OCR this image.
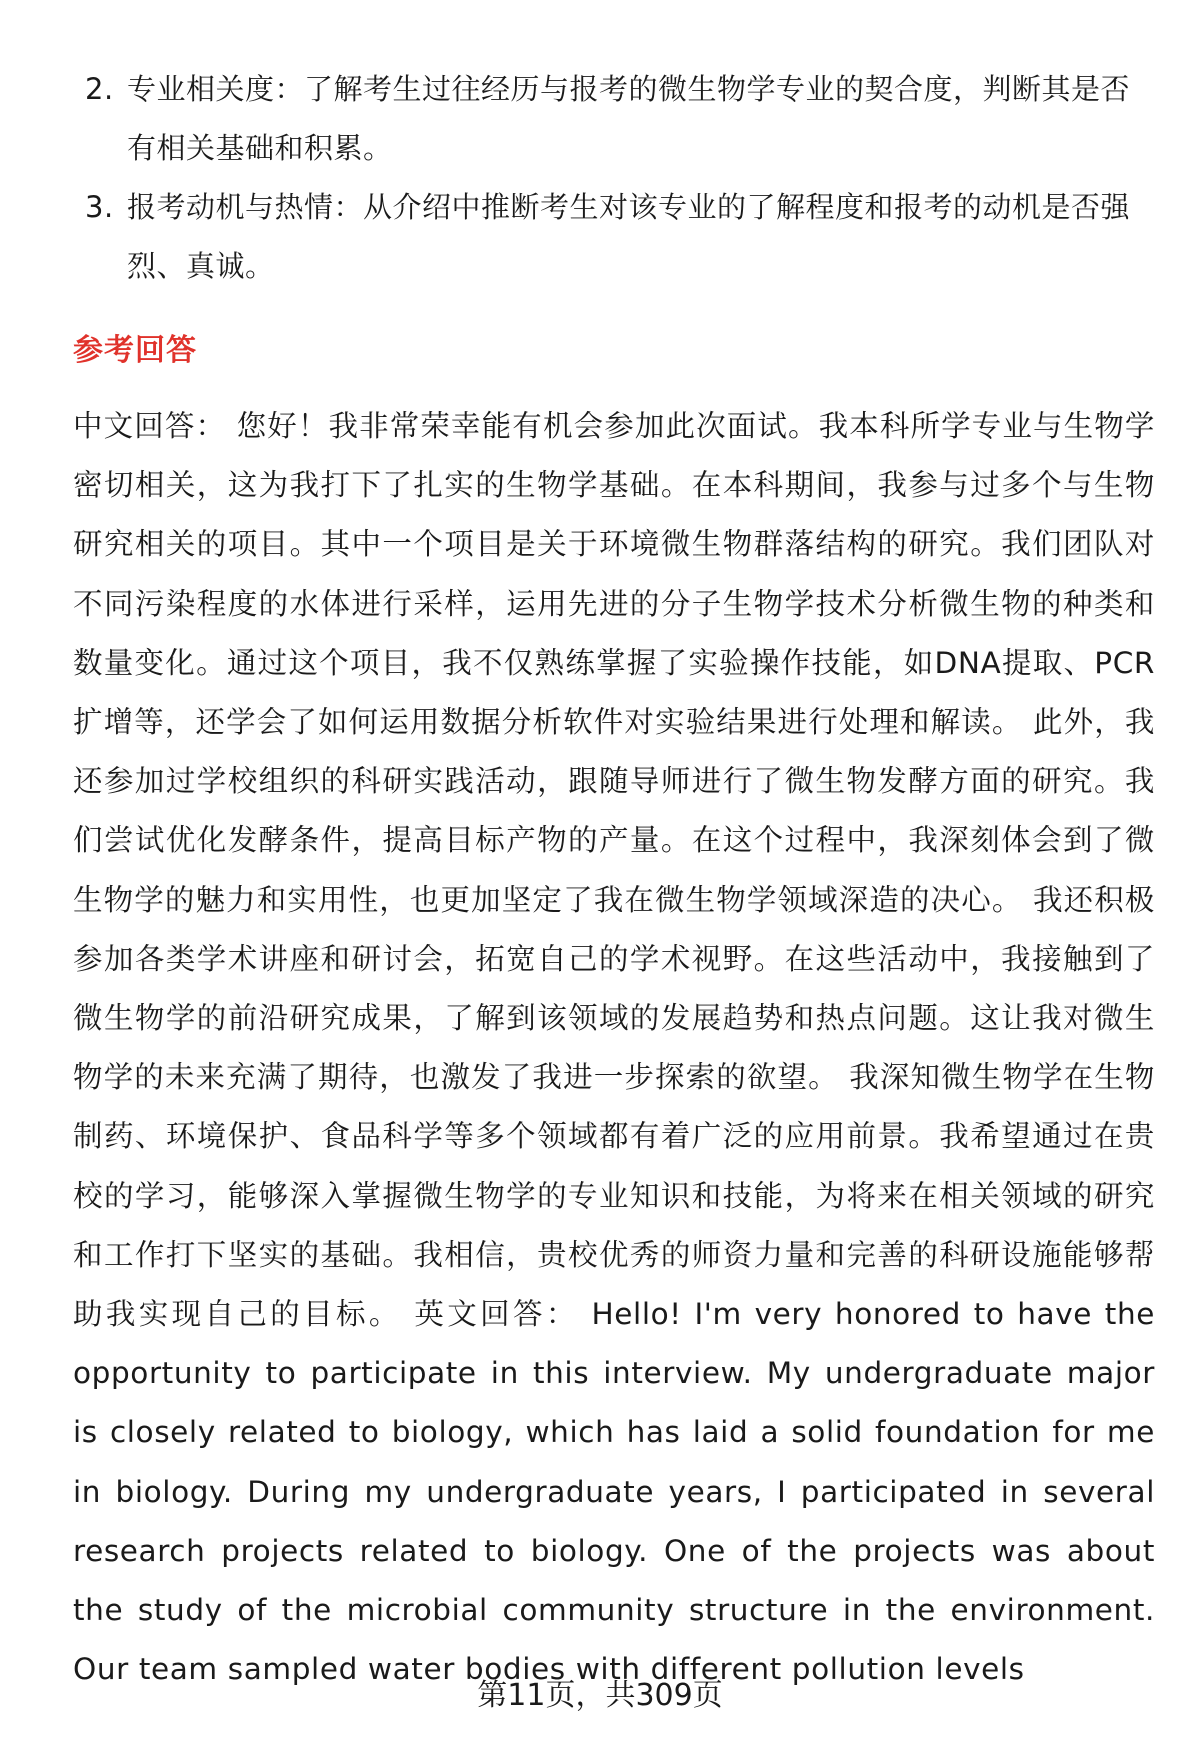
2. 专业相关度：了解考生过往经历与报考的微生物学专业的契合度，判断其是否有相关基础和积累。
3. 报考动机与热情：从介绍中推断考生对该专业的了解程度和报考的动机是否强烈、真诚。
参考回答

中文回答： 您好！我非常荣幸能有机会参加此次面试。我本科所学专业与生物学密切相关，这为我打下了扎实的生物学基础。在本科期间，我参与过多个与生物研究相关的项目。其中一个项目是关于环境微生物群落结构的研究。我们团队对不同污染程度的水体进行采样，运用先进的分子生物学技术分析微生物的种类和数量变化。通过这个项目，我不仅熟练掌握了实验操作技能，如DNA提取、PCR扩增等，还学会了如何运用数据分析软件对实验结果进行处理和解读。 此外，我还参加过学校组织的科研实践活动，跟随导师进行了微生物发酵方面的研究。我们尝试优化发酵条件，提高目标产物的产量。在这个过程中，我深刻体会到了微生物学的魅力和实用性，也更加坚定了我在微生物学领域深造的决心。 我还积极参加各类学术讲座和研讨会，拓宽自己的学术视野。在这些活动中，我接触到了微生物学的前沿研究成果，了解到该领域的发展趋势和热点问题。这让我对微生物学的未来充满了期待，也激发了我进一步探索的欲望。 我深知微生物学在生物制药、环境保护、食品科学等多个领域都有着广泛的应用前景。我希望通过在贵校的学习，能够深入掌握微生物学的专业知识和技能，为将来在相关领域的研究和工作打下坚实的基础。我相信，贵校优秀的师资力量和完善的科研设施能够帮助我实现自己的目标。 英文回答： Hello! I'm very honored to have the opportunity to participate in this interview. My undergraduate major is closely related to biology, which has laid a solid foundation for me in biology. During my undergraduate years, I participated in several research projects related to biology. One of the projects was about the study of the microbial community structure in the environment. Our team sampled water bodies with different pollution levels

第11页，共309页
